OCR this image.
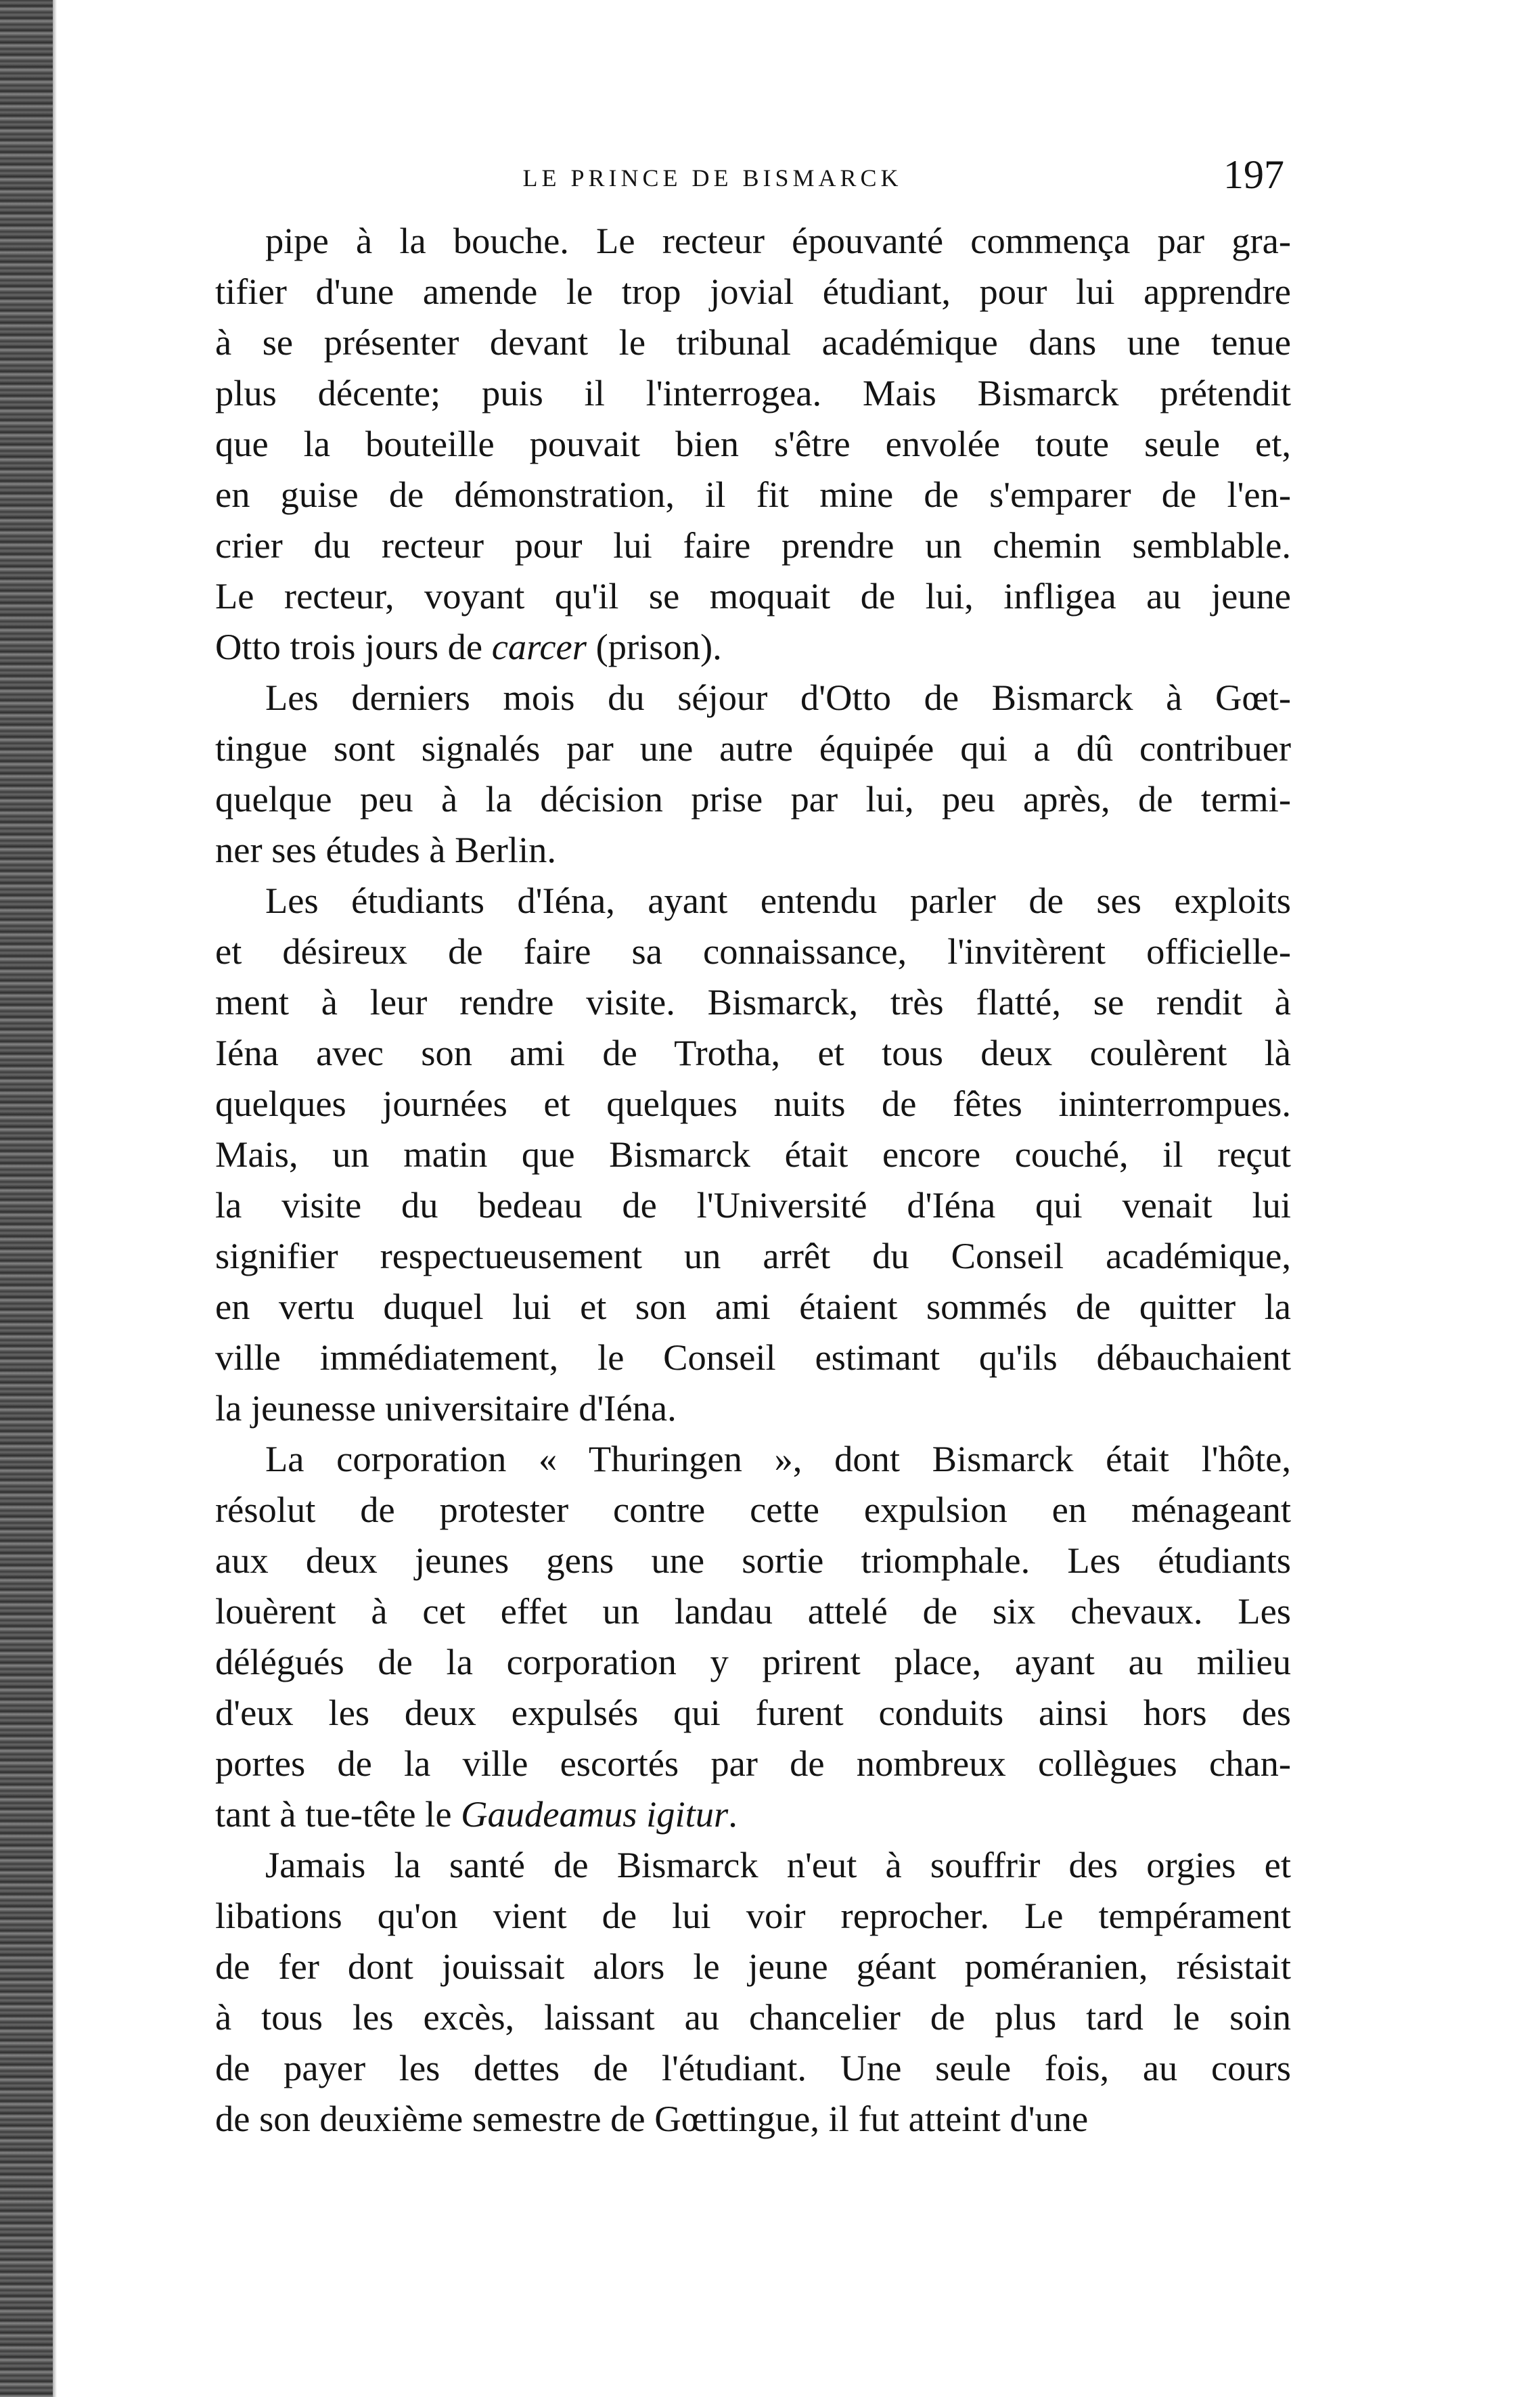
LE PRINCE DE BISMARCK	197
pipe à la bouche. Le recteur épouvanté commença par gra-
tifier d'une amende le trop jovial étudiant, pour lui apprendre
à se présenter devant le tribunal académique dans une tenue
plus décente; puis il l'interrogea. Mais Bismarck prétendit
que la bouteille pouvait bien s'être envolée toute seule et,
en guise de démonstration, il fit mine de s'emparer de l'en-
crier du recteur pour lui faire prendre un chemin semblable.
Le recteur, voyant qu'il se moquait de lui, infligea au jeune
Otto trois jours de carcer (prison).
Les derniers mois du séjour d'Otto de Bismarck à Gœt-
tingue sont signalés par une autre équipée qui a dû contribuer
quelque peu à la décision prise par lui, peu après, de termi-
ner ses études à Berlin.
Les étudiants d'Iéna, ayant entendu parler de ses exploits
et désireux de faire sa connaissance, l'invitèrent officielle-
ment à leur rendre visite. Bismarck, très flatté, se rendit à
Iéna avec son ami de Trotha, et tous deux coulèrent là
quelques journées et quelques nuits de fêtes ininterrompues.
Mais, un matin que Bismarck était encore couché, il reçut
la visite du bedeau de l'Université d'Iéna qui venait lui
signifier respectueusement un arrêt du Conseil académique,
en vertu duquel lui et son ami étaient sommés de quitter la
ville immédiatement, le Conseil estimant qu'ils débauchaient
la jeunesse universitaire d'Iéna.
La corporation « Thuringen », dont Bismarck était l'hôte,
résolut de protester contre cette expulsion en ménageant
aux deux jeunes gens une sortie triomphale. Les étudiants
louèrent à cet effet un landau attelé de six chevaux. Les
délégués de la corporation y prirent place, ayant au milieu
d'eux les deux expulsés qui furent conduits ainsi hors des
portes de la ville escortés par de nombreux collègues chan-
tant à tue-tête le Gaudeamus igitur.
Jamais la santé de Bismarck n'eut à souffrir des orgies et
libations qu'on vient de lui voir reprocher. Le tempérament
de fer dont jouissait alors le jeune géant poméranien, résistait
à tous les excès, laissant au chancelier de plus tard le soin
de payer les dettes de l'étudiant. Une seule fois, au cours
de son deuxième semestre de Gœttingue, il fut atteint d'une
